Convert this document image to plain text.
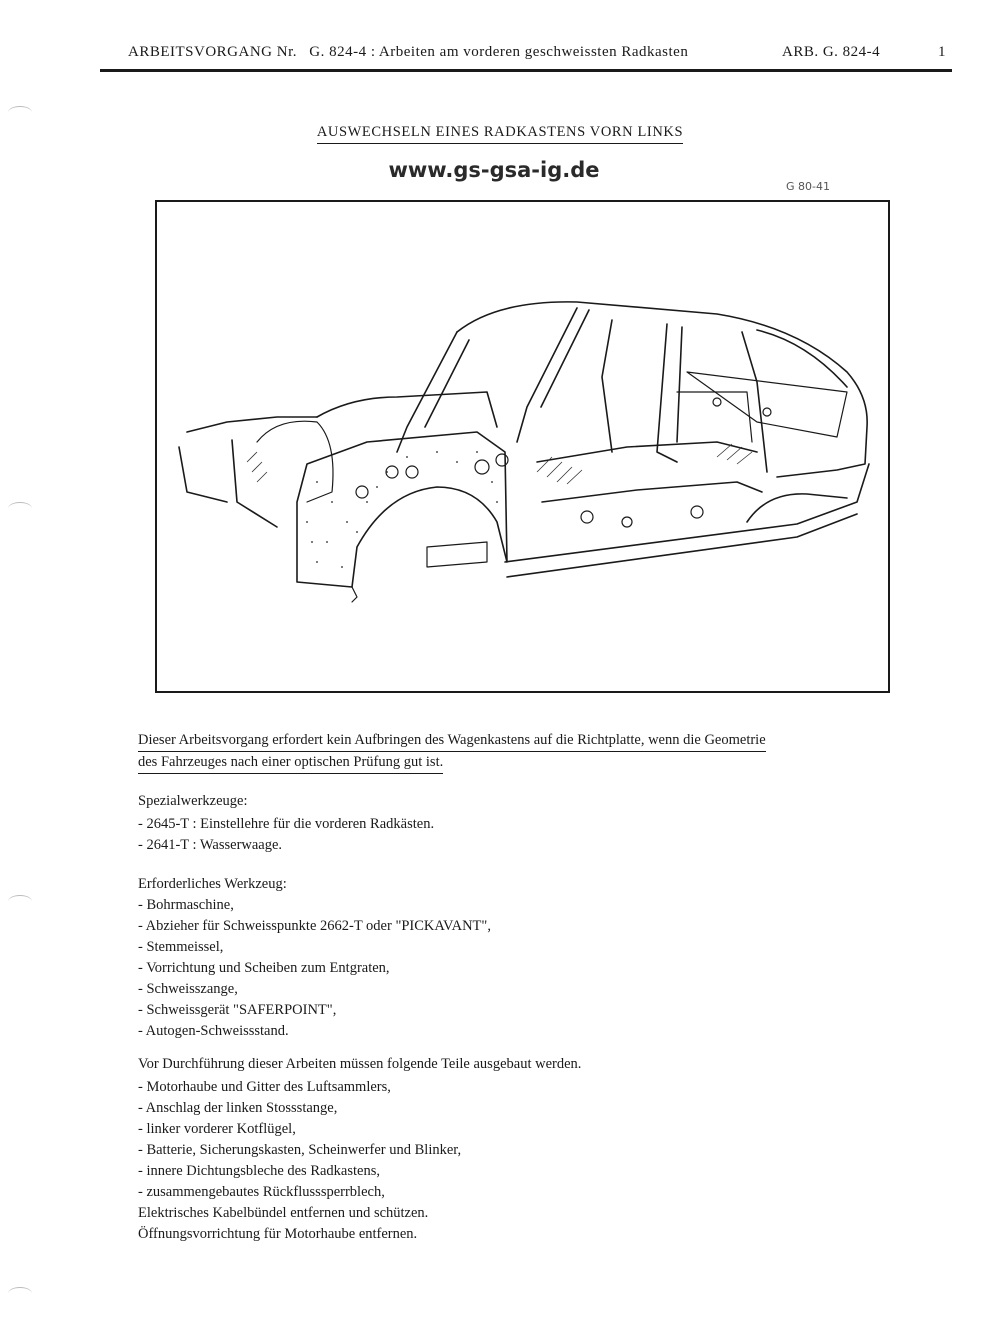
ARBEITSVORGANG Nr. G. 824-4 : Arbeiten am vorderen geschweissten Radkasten	ARB. G. 824-4	1
AUSWECHSELN EINES RADKASTENS VORN LINKS
www.gs-gsa-ig.de
G 80-41
Dieser Arbeitsvorgang erfordert kein Aufbringen des Wagenkastens auf die Richtplatte, wenn die Geometrie
des Fahrzeuges nach einer optischen Prüfung gut ist.
Spezialwerkzeuge:
- 2645-T : Einstellehre für die vorderen Radkästen.
- 2641-T : Wasserwaage.
Erforderliches Werkzeug:
- Bohrmaschine,
- Abzieher für Schweisspunkte 2662-T oder "PICKAVANT",
- Stemmeissel,
- Vorrichtung und Scheiben zum Entgraten,
- Schweisszange,
- Schweissgerät "SAFERPOINT",
- Autogen-Schweissstand.
Vor Durchführung dieser Arbeiten müssen folgende Teile ausgebaut werden.
- Motorhaube und Gitter des Luftsammlers,
- Anschlag der linken Stossstange,
- linker vorderer Kotflügel,
- Batterie, Sicherungskasten, Scheinwerfer und Blinker,
- innere Dichtungsbleche des Radkastens,
- zusammengebautes Rückflusssperrblech,
Elektrisches Kabelbündel entfernen und schützen.
Öffnungsvorrichtung für Motorhaube entfernen.
